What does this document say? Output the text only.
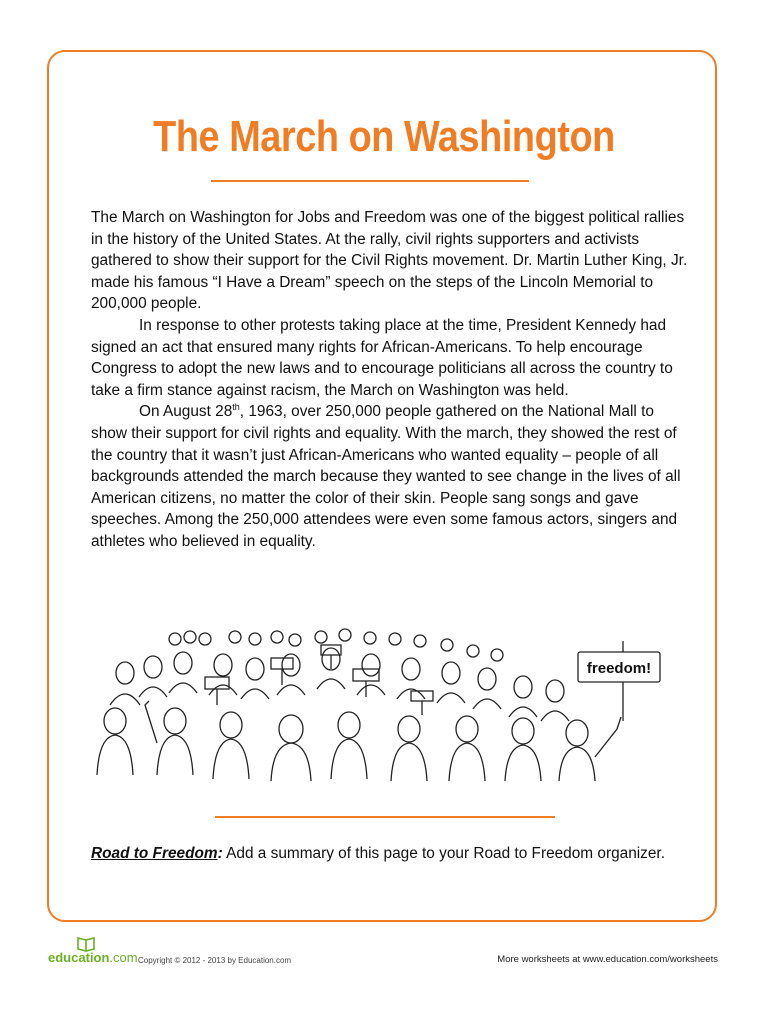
The March on Washington

The March on Washington for Jobs and Freedom was one of the biggest political rallies in the history of the United States. At the rally, civil rights supporters and activists gathered to show their support for the Civil Rights movement. Dr. Martin Luther King, Jr. made his famous “I Have a Dream” speech on the steps of the Lincoln Memorial to 200,000 people.

In response to other protests taking place at the time, President Kennedy had signed an act that ensured many rights for African-Americans. To help encourage Congress to adopt the new laws and to encourage politicians all across the country to take a firm stance against racism, the March on Washington was held.

On August 28th, 1963, over 250,000 people gathered on the National Mall to show their support for civil rights and equality. With the march, they showed the rest of the country that it wasn’t just African-Americans who wanted equality – people of all backgrounds attended the march because they wanted to see change in the lives of all American citizens, no matter the color of their skin. People sang songs and gave speeches. Among the 250,000 attendees were even some famous actors, singers and athletes who believed in equality.

freedom!
Road to Freedom: Add a summary of this page to your Road to Freedom organizer.
education.com Copyright © 2012 - 2013 by Education.com	More worksheets at www.education.com/worksheets
